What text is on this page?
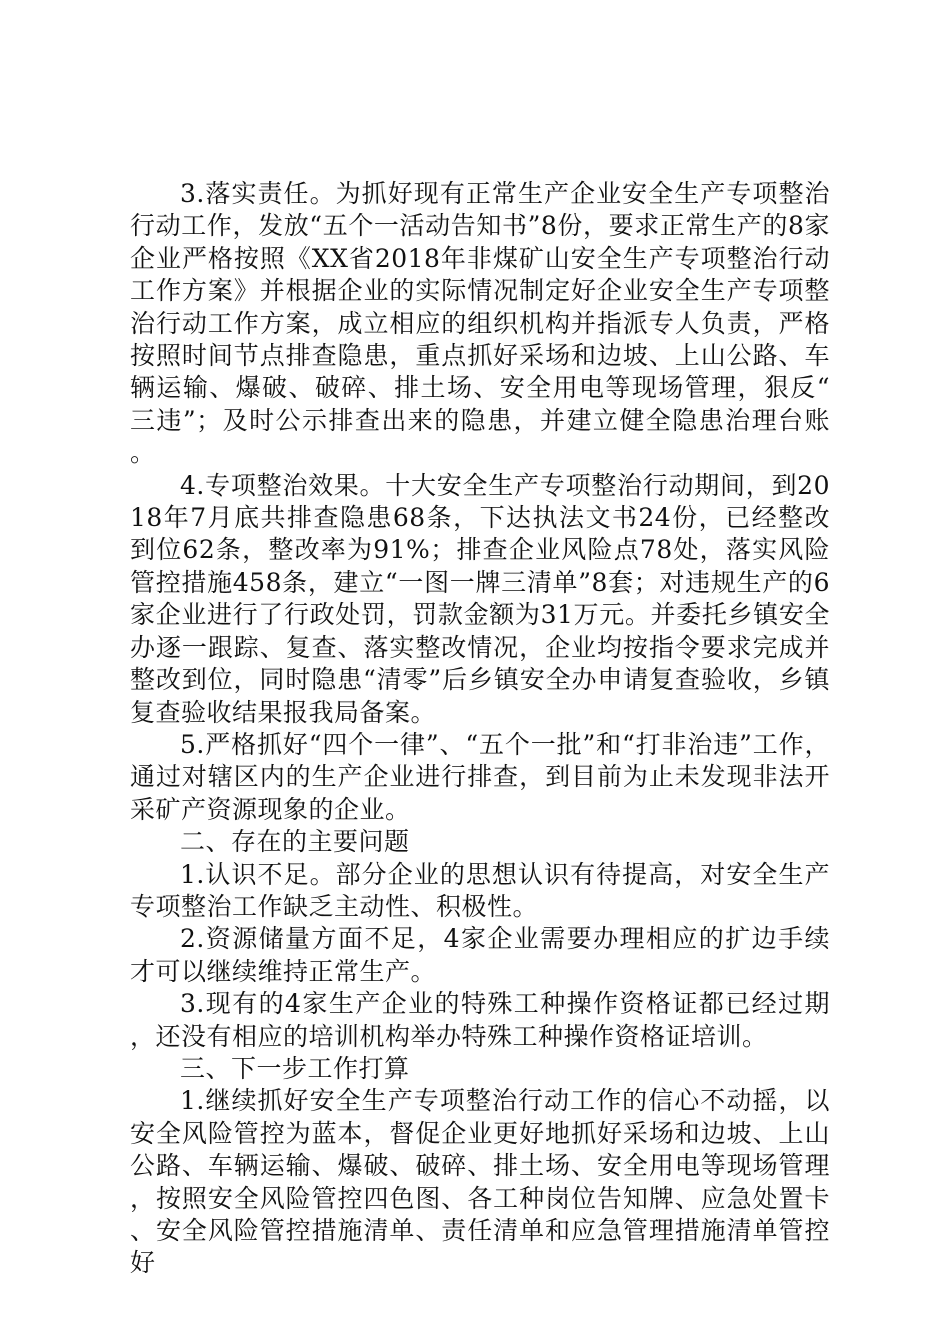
3.落实责任。为抓好现有正常生产企业安全生产专项整治行动工作，发放“五个一活动告知书”8份，要求正常生产的8家企业严格按照《XX省2018年非煤矿山安全生产专项整治行动工作方案》并根据企业的实际情况制定好企业安全生产专项整治行动工作方案，成立相应的组织机构并指派专人负责，严格按照时间节点排查隐患，重点抓好采场和边坡、上山公路、车辆运输、爆破、破碎、排土场、安全用电等现场管理，狠反“三违”；及时公示排查出来的隐患，并建立健全隐患治理台账。

4.专项整治效果。十大安全生产专项整治行动期间，到2018年7月底共排查隐患68条，下达执法文书24份，已经整改到位62条，整改率为91%；排查企业风险点78处，落实风险管控措施458条，建立“一图一牌三清单”8套；对违规生产的6家企业进行了行政处罚，罚款金额为31万元。并委托乡镇安全办逐一跟踪、复查、落实整改情况，企业均按指令要求完成并整改到位，同时隐患“清零”后乡镇安全办申请复查验收，乡镇复查验收结果报我局备案。

5.严格抓好“四个一律”、“五个一批”和“打非治违”工作，通过对辖区内的生产企业进行排查，到目前为止未发现非法开采矿产资源现象的企业。

二、存在的主要问题

1.认识不足。部分企业的思想认识有待提高，对安全生产专项整治工作缺乏主动性、积极性。

2.资源储量方面不足，4家企业需要办理相应的扩边手续才可以继续维持正常生产。

3.现有的4家生产企业的特殊工种操作资格证都已经过期，还没有相应的培训机构举办特殊工种操作资格证培训。

三、下一步工作打算

1.继续抓好安全生产专项整治行动工作的信心不动摇，以安全风险管控为蓝本，督促企业更好地抓好采场和边坡、上山公路、车辆运输、爆破、破碎、排土场、安全用电等现场管理，按照安全风险管控四色图、各工种岗位告知牌、应急处置卡、安全风险管控措施清单、责任清单和应急管理措施清单管控好
